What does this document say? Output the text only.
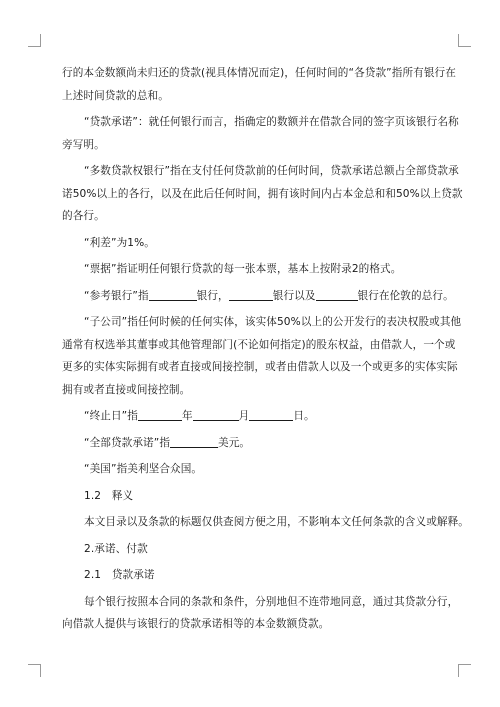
行的本金数额尚未归还的贷款(视具体情况而定)，任何时间的“各贷款”指所有银行在
上述时间贷款的总和。
“贷款承诺”：就任何银行而言，指确定的数额并在借款合同的签字页该银行名称
旁写明。
“多数贷款权银行”指在支付任何贷款前的任何时间，贷款承诺总额占全部贷款承
诺50%以上的各行，以及在此后任何时间，拥有该时间内占本金总和和50%以上贷款
的各行。
“利差”为1%。
“票据”指证明任何银行贷款的每一张本票，基本上按附录2的格式。
“参考银行”指	银行，	银行以及	银行在伦敦的总行。
“子公司”指任何时候的任何实体，该实体50%以上的公开发行的表决权股或其他
通常有权选举其董事或其他管理部门(不论如何指定)的股东权益，由借款人，一个或
更多的实体实际拥有或者直接或间接控制，或者由借款人以及一个或更多的实体实际
拥有或者直接或间接控制。
“终止日”指	年	月	日。
“全部贷款承诺”指	美元。
“美国”指美利坚合众国。
1.2　释义
本文目录以及条款的标题仅供查阅方便之用，不影响本文任何条款的含义或解释。
2.承诺、付款
2.1　贷款承诺
每个银行按照本合同的条款和条件，分别地但不连带地同意，通过其贷款分行，
向借款人提供与该银行的贷款承诺相等的本金数额贷款。
